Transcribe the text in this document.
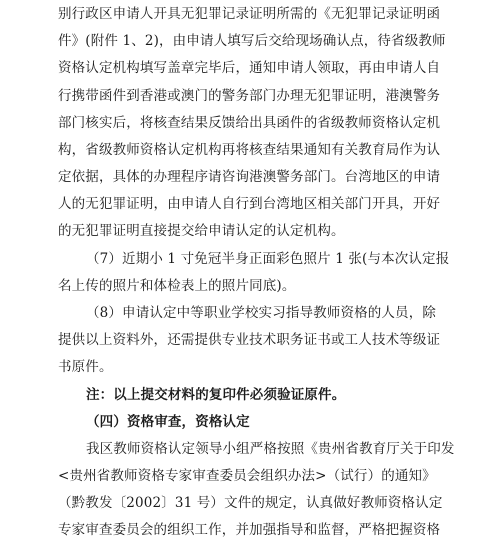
别行政区申请人开具无犯罪记录证明所需的《无犯罪记录证明函
件》(附件 1、2)，由申请人填写后交给现场确认点，待省级教师
资格认定机构填写盖章完毕后，通知申请人领取，再由申请人自
行携带函件到香港或澳门的警务部门办理无犯罪证明，港澳警务
部门核实后，将核查结果反馈给出具函件的省级教师资格认定机
构，省级教师资格认定机构再将核查结果通知有关教育局作为认
定依据，具体的办理程序请咨询港澳警务部门。台湾地区的申请
人的无犯罪证明，由申请人自行到台湾地区相关部门开具，开好
的无犯罪证明直接提交给申请认定的认定机构。
（7）近期小 1 寸免冠半身正面彩色照片 1 张(与本次认定报
名上传的照片和体检表上的照片同底)。
（8）申请认定中等职业学校实习指导教师资格的人员，除
提供以上资料外，还需提供专业技术职务证书或工人技术等级证
书原件。
注：以上提交材料的复印件必须验证原件。
（四）资格审查，资格认定
我区教师资格认定领导小组严格按照《贵州省教育厅关于印发
<贵州省教师资格专家审查委员会组织办法>（试行）的通知》
（黔教发〔2002〕31 号）文件的规定，认真做好教师资格认定
专家审查委员会的组织工作，并加强指导和监督，严格把握资格
